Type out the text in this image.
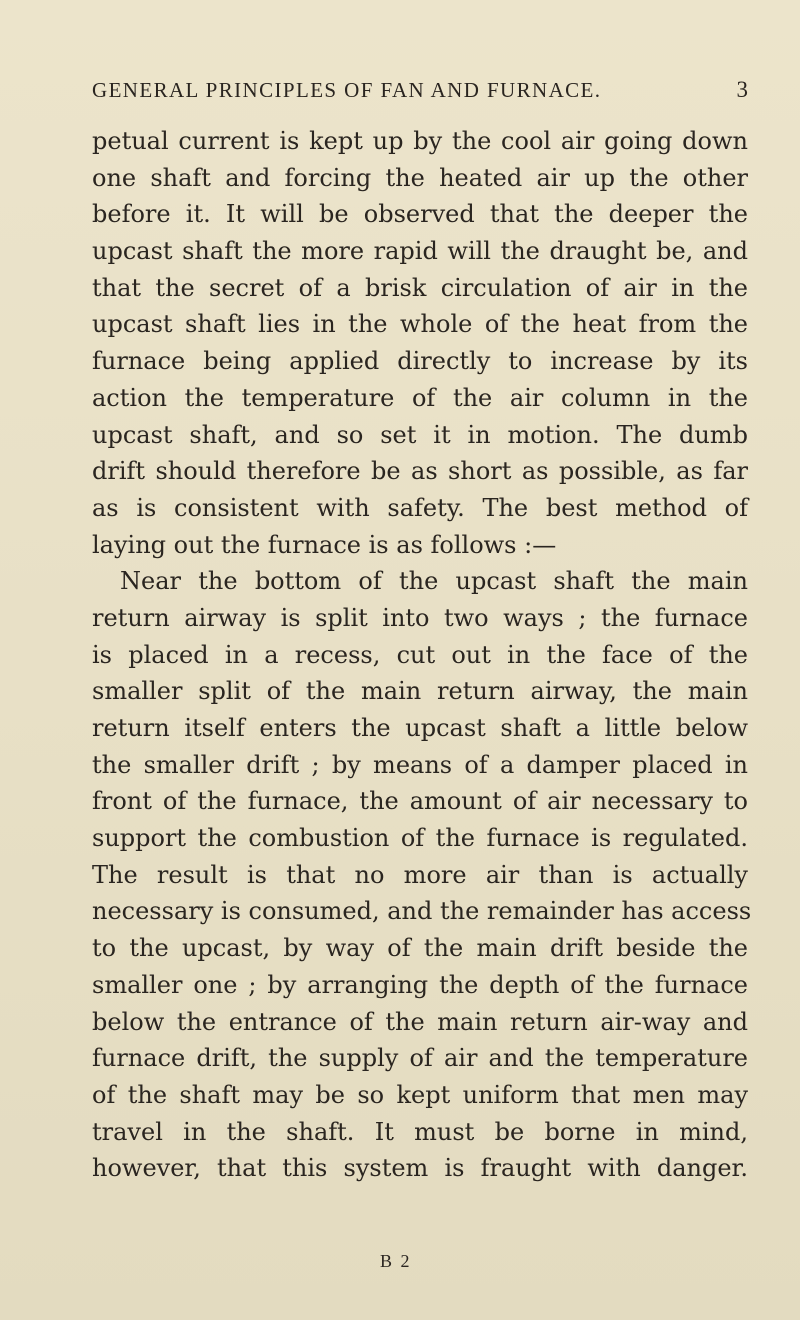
GENERAL PRINCIPLES OF FAN AND FURNACE.	3
petual current is kept up by the cool air going down
one shaft and forcing the heated air up the other
before it. It will be observed that the deeper the
upcast shaft the more rapid will the draught be, and
that the secret of a brisk circulation of air in the
upcast shaft lies in the whole of the heat from the
furnace being applied directly to increase by its
action the temperature of the air column in the
upcast shaft, and so set it in motion. The dumb
drift should therefore be as short as possible, as far
as is consistent with safety. The best method of
laying out the furnace is as follows :—
Near the bottom of the upcast shaft the main
return airway is split into two ways ; the furnace
is placed in a recess, cut out in the face of the
smaller split of the main return airway, the main
return itself enters the upcast shaft a little below
the smaller drift ; by means of a damper placed in
front of the furnace, the amount of air necessary to
support the combustion of the furnace is regulated.
The result is that no more air than is actually
necessary is consumed, and the remainder has access
to the upcast, by way of the main drift beside the
smaller one ; by arranging the depth of the furnace
below the entrance of the main return air-way and
furnace drift, the supply of air and the temperature
of the shaft may be so kept uniform that men may
travel in the shaft. It must be borne in mind,
however, that this system is fraught with danger.
B 2
